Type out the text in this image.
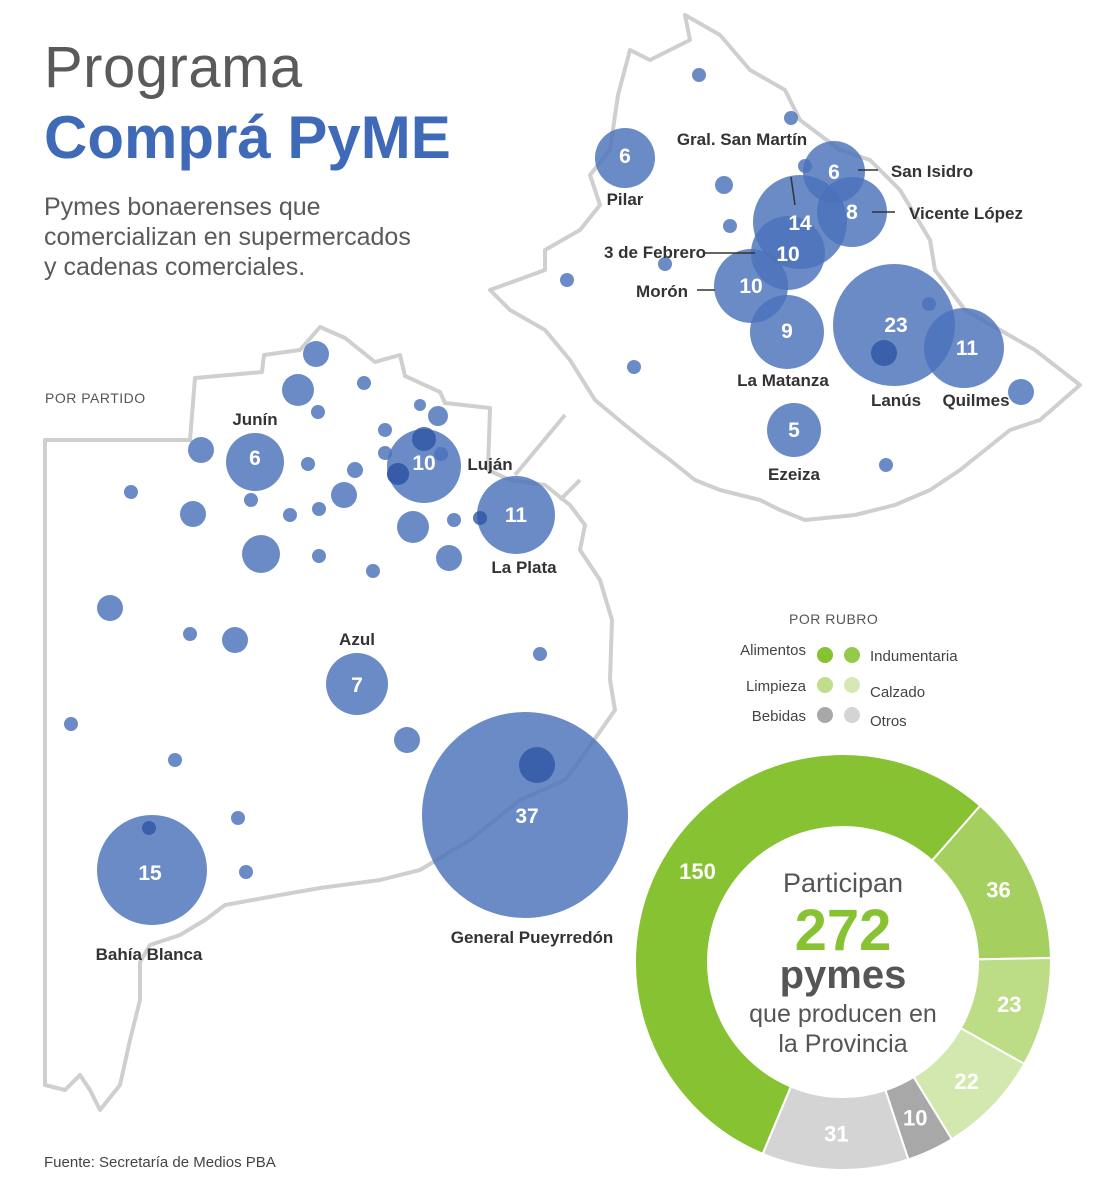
Programa
Comprá PyME
Pymes bonaerenses que
comercializan en supermercados
y cadenas comerciales.
POR PARTIDO
POR RUBRO
Fuente: Secretaría de Medios PBA
6	10
11
7
37
15
6
14
6
8
10
10
9	23
11
5
Junín
Luján
La Plata
Azul
General Pueyrredón
Bahía Blanca
Pilar
Gral. San Martín
San Isidro
Vicente López
3 de Febrero
Morón
La Matanza
Lanús Quilmes
Ezeiza
Alimentos	Indumentaria
Limpieza	Calzado
Bebidas	Otros
Participan
272
pymes
que producen en
la Provincia
36
23
22
10
31
150
